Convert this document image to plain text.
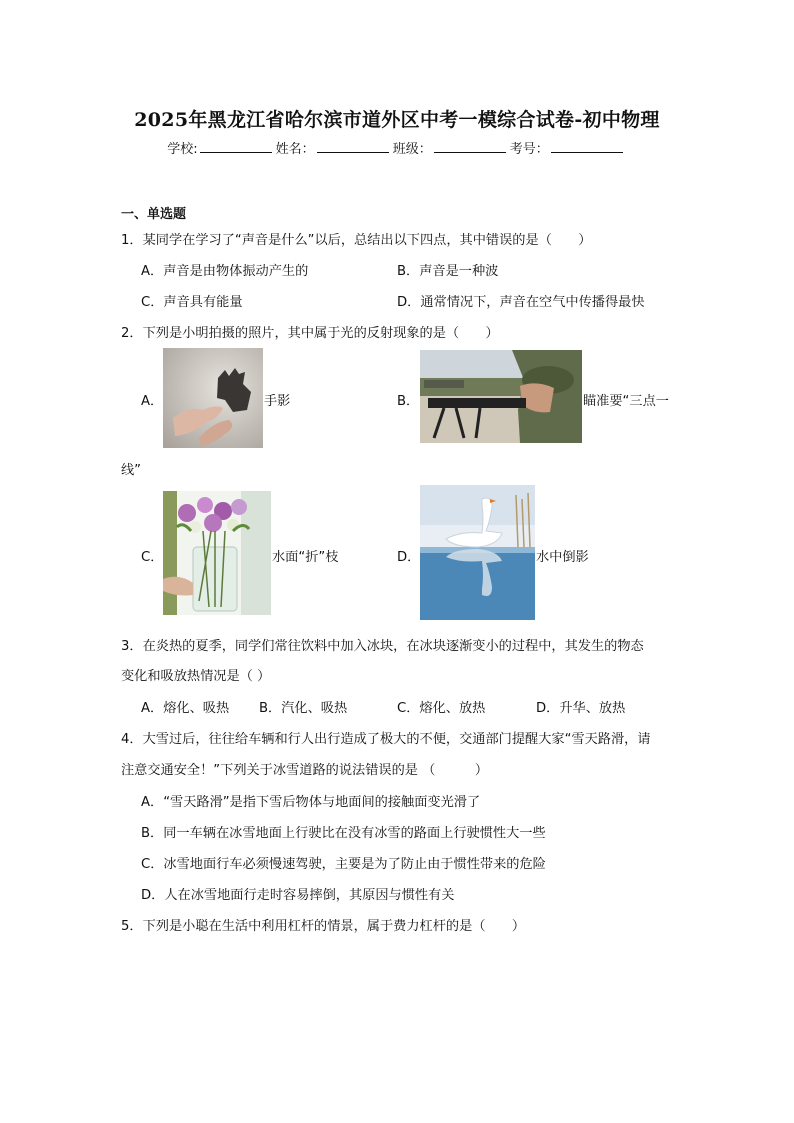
2025年黑龙江省哈尔滨市道外区中考一模综合试卷-初中物理
学校:	姓名：	班级：	考号：
一、单选题
1．某同学在学习了“声音是什么”以后，总结出以下四点，其中错误的是（　　）
A．声音是由物体振动产生的	B．声音是一种波
C．声音具有能量	D．通常情况下，声音在空气中传播得最快
2．下列是小明拍摄的照片，其中属于光的反射现象的是（　　）
A．	手影	B．	瞄准要“三点一
线”
C．	水面“折”枝	D．	水中倒影
3．在炎热的夏季，同学们常往饮料中加入冰块，在冰块逐渐变小的过程中，其发生的物态
变化和吸放热情况是（ ）
A．熔化、吸热 B．汽化、吸热	C．熔化、放热	D．升华、放热
4．大雪过后，往往给车辆和行人出行造成了极大的不便，交通部门提醒大家“雪天路滑，请
注意交通安全！”下列关于冰雪道路的说法错误的是 （　　　）
A．“雪天路滑”是指下雪后物体与地面间的接触面变光滑了
B．同一车辆在冰雪地面上行驶比在没有冰雪的路面上行驶惯性大一些
C．冰雪地面行车必须慢速驾驶，主要是为了防止由于惯性带来的危险
D．人在冰雪地面行走时容易摔倒，其原因与惯性有关
5．下列是小聪在生活中利用杠杆的情景，属于费力杠杆的是（　　）
